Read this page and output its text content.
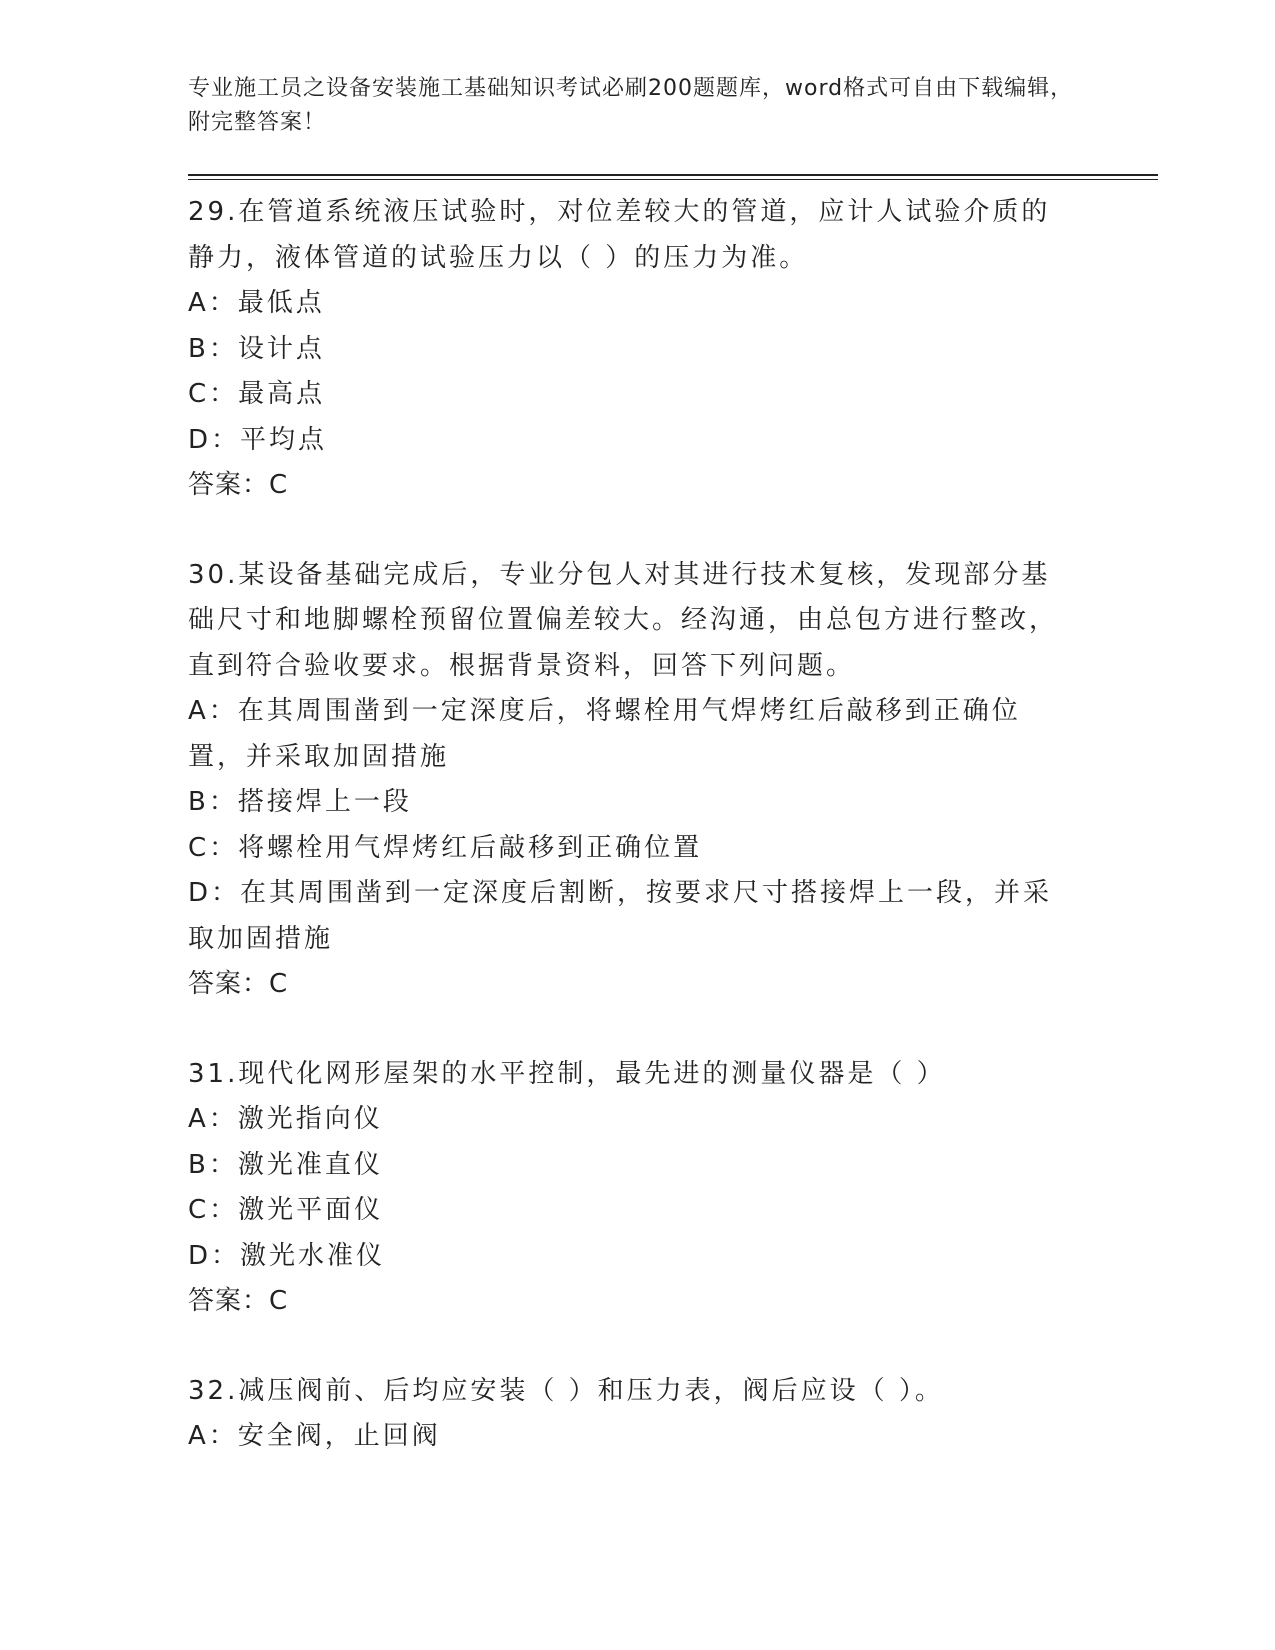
专业施工员之设备安装施工基础知识考试必刷200题题库，word格式可自由下载编辑，附完整答案！

29.在管道系统液压试验时，对位差较大的管道，应计人试验介质的静力，液体管道的试验压力以（ ）的压力为准。

A：最低点

B：设计点

C：最高点

D：平均点

答案：C

30.某设备基础完成后，专业分包人对其进行技术复核，发现部分基础尺寸和地脚螺栓预留位置偏差较大。经沟通，由总包方进行整改，直到符合验收要求。根据背景资料，回答下列问题。

A：在其周围凿到一定深度后，将螺栓用气焊烤红后敲移到正确位置，并采取加固措施

B：搭接焊上一段

C：将螺栓用气焊烤红后敲移到正确位置

D：在其周围凿到一定深度后割断，按要求尺寸搭接焊上一段，并采取加固措施

答案：C

31.现代化网形屋架的水平控制，最先进的测量仪器是（ ）

A：激光指向仪

B：激光准直仪

C：激光平面仪

D：激光水准仪

答案：C

32.减压阀前、后均应安装（ ）和压力表，阀后应设（ ）。

A：安全阀，止回阀
